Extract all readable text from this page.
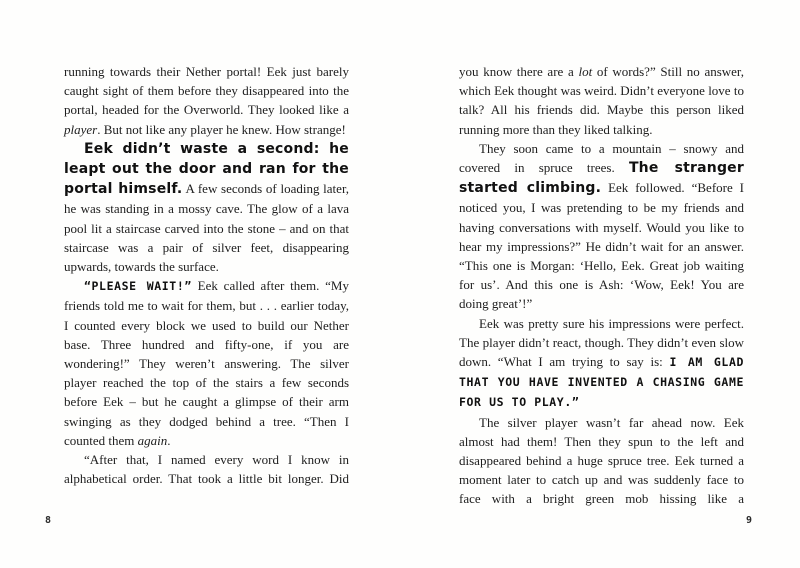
running towards their Nether portal! Eek just barely caught sight of them before they disappeared into the portal, headed for the Overworld. They looked like a player. But not like any player he knew. How strange!

Eek didn’t waste a second: he leapt out the door and ran for the portal himself. A few seconds of loading later, he was standing in a mossy cave. The glow of a lava pool lit a staircase carved into the stone – and on that staircase was a pair of silver feet, disappearing upwards, towards the surface.

“PLEASE WAIT!” Eek called after them. “My friends told me to wait for them, but . . . earlier today, I counted every block we used to build our Nether base. Three hundred and fifty-one, if you are wondering!” They weren’t answering. The silver player reached the top of the stairs a few seconds before Eek – but he caught a glimpse of their arm swinging as they dodged behind a tree. “Then I counted them again.

“After that, I named every word I know in alphabetical order. That took a little bit longer. Did

you know there are a lot of words?” Still no answer, which Eek thought was weird. Didn’t everyone love to talk? All his friends did. Maybe this person liked running more than they liked talking.

They soon came to a mountain – snowy and covered in spruce trees. The stranger started climbing. Eek followed. “Before I noticed you, I was pretending to be my friends and having conversations with myself. Would you like to hear my impressions?” He didn’t wait for an answer. “This one is Morgan: ‘Hello, Eek. Great job waiting for us’. And this one is Ash: ‘Wow, Eek! You are doing great’!”

Eek was pretty sure his impressions were perfect. The player didn’t react, though. They didn’t even slow down. “What I am trying to say is: I AM GLAD THAT YOU HAVE INVENTED A CHASING GAME FOR US TO PLAY.”

The silver player wasn’t far ahead now. Eek almost had them! Then they spun to the left and disappeared behind a huge spruce tree. Eek turned a moment later to catch up and was suddenly face to face with a bright green mob hissing like a

8	9
